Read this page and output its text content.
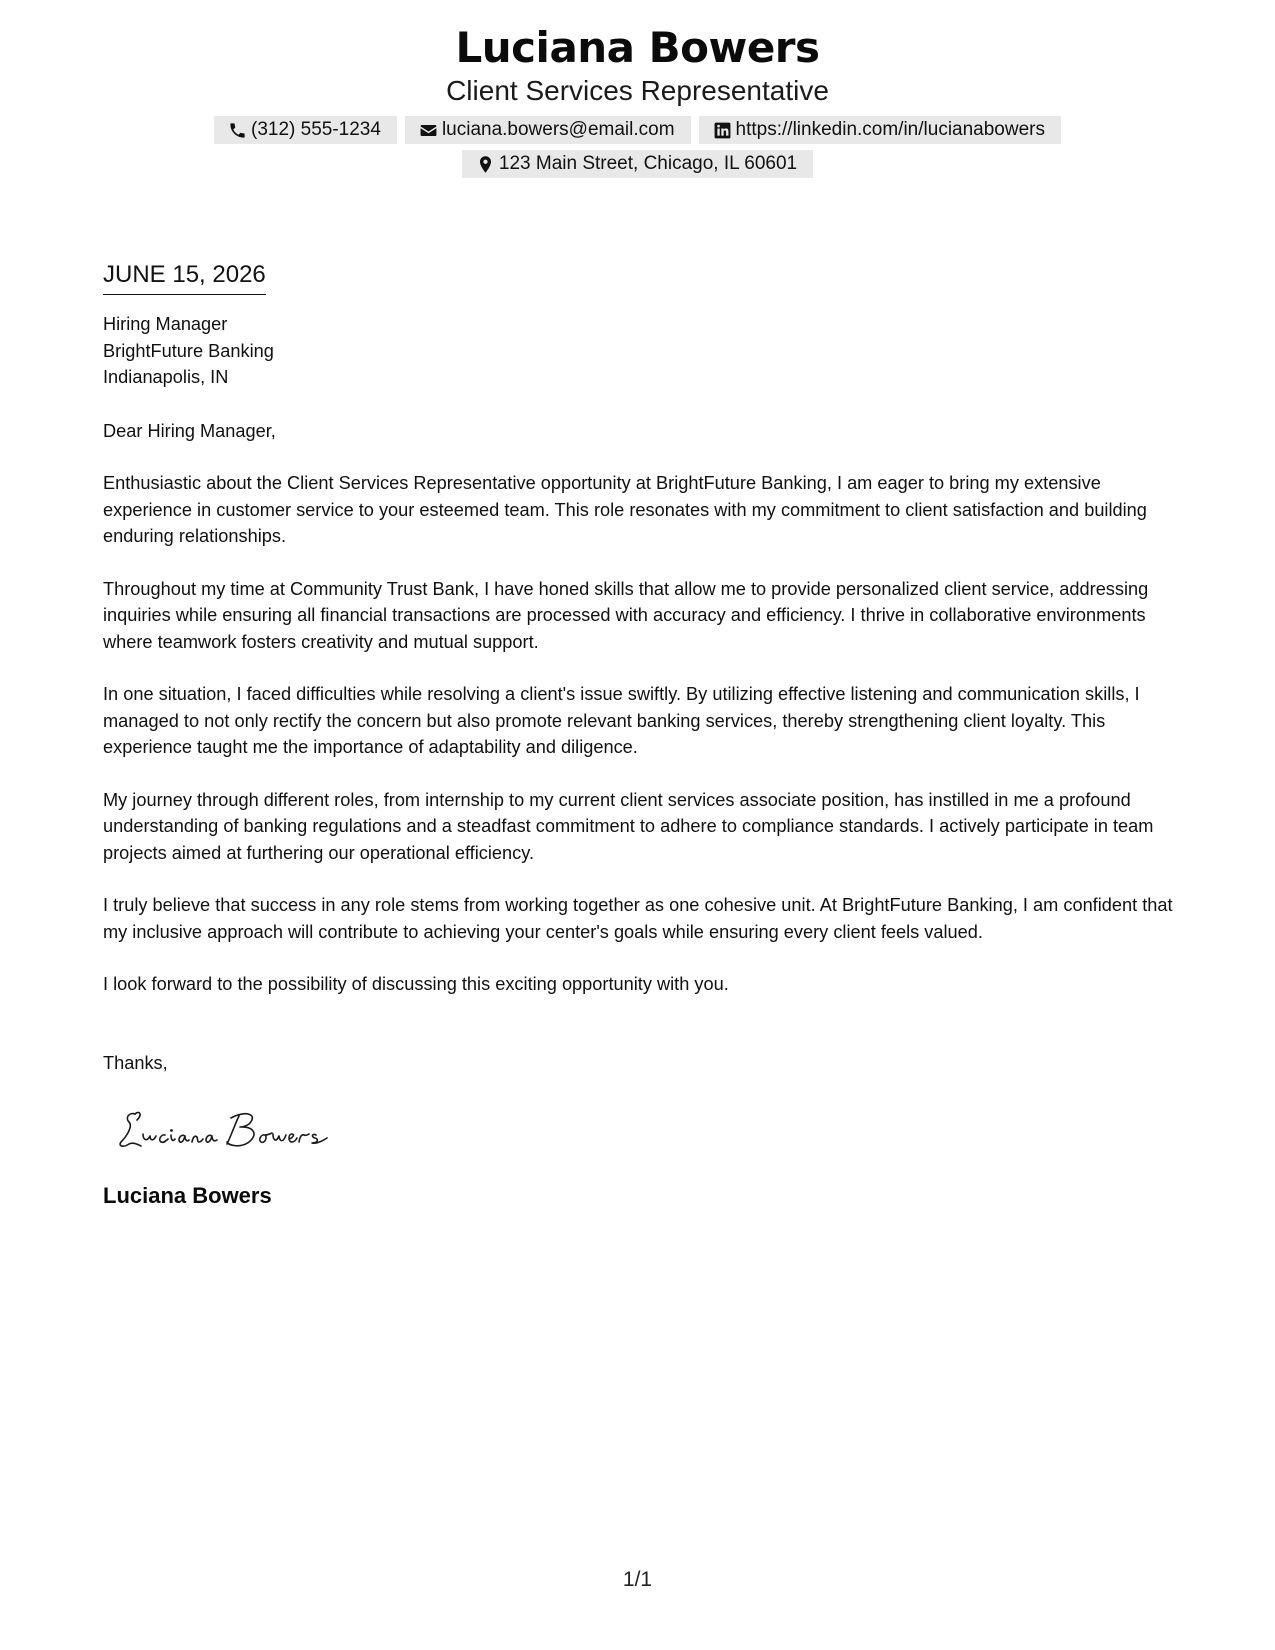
Luciana Bowers
Client Services Representative
(312) 555-1234	luciana.bowers@email.com	https://linkedin.com/in/lucianabowers
123 Main Street, Chicago, IL 60601
JUNE 15, 2026
Hiring Manager
BrightFuture Banking
Indianapolis, IN
Dear Hiring Manager,
Enthusiastic about the Client Services Representative opportunity at BrightFuture Banking, I am eager to bring my extensive experience in customer service to your esteemed team. This role resonates with my commitment to client satisfaction and building enduring relationships.
Throughout my time at Community Trust Bank, I have honed skills that allow me to provide personalized client service, addressing inquiries while ensuring all financial transactions are processed with accuracy and efficiency. I thrive in collaborative environments where teamwork fosters creativity and mutual support.
In one situation, I faced difficulties while resolving a client's issue swiftly. By utilizing effective listening and communication skills, I managed to not only rectify the concern but also promote relevant banking services, thereby strengthening client loyalty. This experience taught me the importance of adaptability and diligence.
My journey through different roles, from internship to my current client services associate position, has instilled in me a profound understanding of banking regulations and a steadfast commitment to adhere to compliance standards. I actively participate in team projects aimed at furthering our operational efficiency.
I truly believe that success in any role stems from working together as one cohesive unit. At BrightFuture Banking, I am confident that my inclusive approach will contribute to achieving your center's goals while ensuring every client feels valued.
I look forward to the possibility of discussing this exciting opportunity with you.
Thanks,
Luciana Bowers
1/1
